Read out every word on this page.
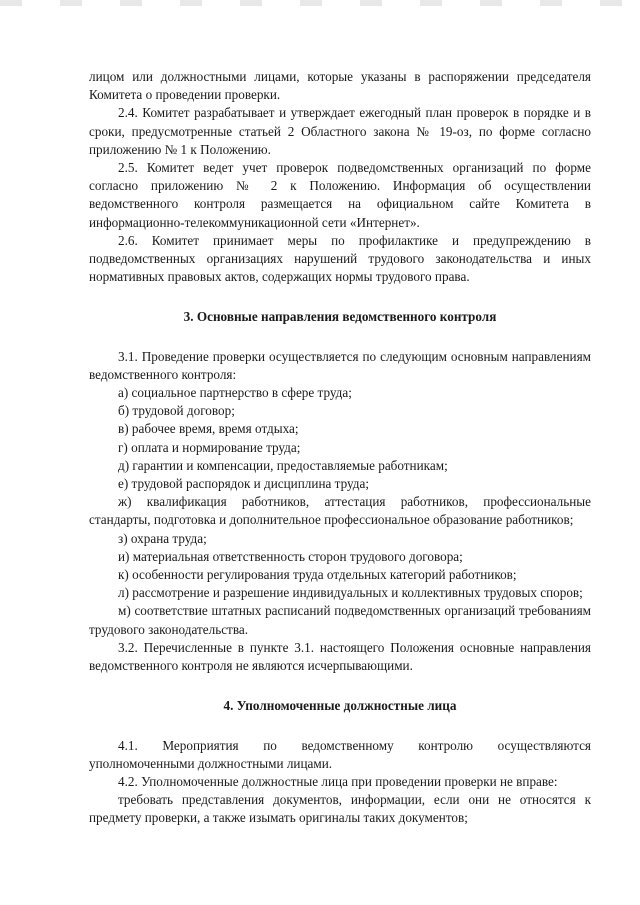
лицом или должностными лицами, которые указаны в распоряжении председателя Комитета о проведении проверки.

2.4. Комитет разрабатывает и утверждает ежегодный план проверок в порядке и в сроки, предусмотренные статьей 2 Областного закона № 19-оз, по форме согласно приложению № 1 к Положению.

2.5. Комитет ведет учет проверок подведомственных организаций по форме согласно приложению № 2 к Положению. Информация об осуществлении ведомственного контроля размещается на официальном сайте Комитета в информационно-телекоммуникационной сети «Интернет».

2.6. Комитет принимает меры по профилактике и предупреждению в подведомственных организациях нарушений трудового законодательства и иных нормативных правовых актов, содержащих нормы трудового права.

3. Основные направления ведомственного контроля

3.1. Проведение проверки осуществляется по следующим основным направлениям ведомственного контроля:

а) социальное партнерство в сфере труда;

б) трудовой договор;

в) рабочее время, время отдыха;

г) оплата и нормирование труда;

д) гарантии и компенсации, предоставляемые работникам;

е) трудовой распорядок и дисциплина труда;

ж) квалификация работников, аттестация работников, профессиональные стандарты, подготовка и дополнительное профессиональное образование работников;

з) охрана труда;

и) материальная ответственность сторон трудового договора;

к) особенности регулирования труда отдельных категорий работников;

л) рассмотрение и разрешение индивидуальных и коллективных трудовых споров;

м) соответствие штатных расписаний подведомственных организаций требованиям трудового законодательства.

3.2. Перечисленные в пункте 3.1. настоящего Положения основные направления ведомственного контроля не являются исчерпывающими.

4. Уполномоченные должностные лица

4.1. Мероприятия по ведомственному контролю осуществляются уполномоченными должностными лицами.

4.2. Уполномоченные должностные лица при проведении проверки не вправе:

требовать представления документов, информации, если они не относятся к предмету проверки, а также изымать оригиналы таких документов;
